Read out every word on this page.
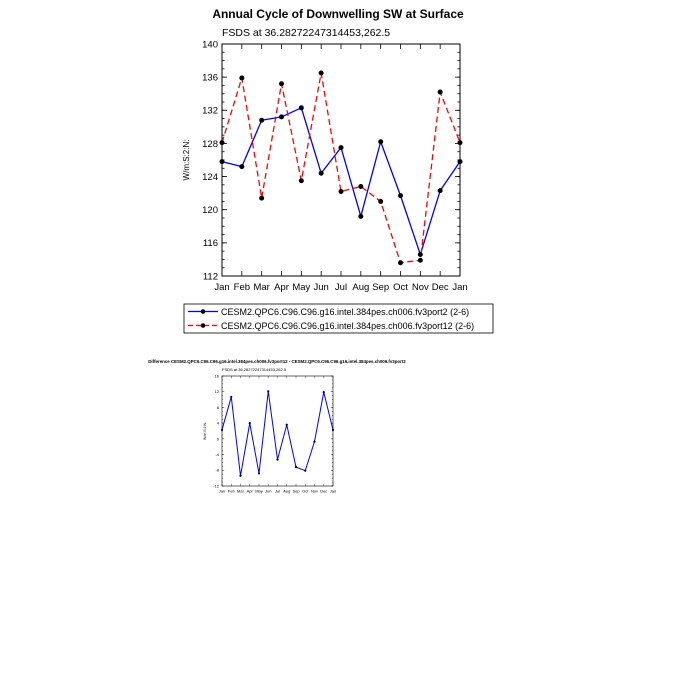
Annual Cycle of Downwelling SW at Surface
FSDS at 36.28272247314453,262.5
W/m:S:2:N:
CESM2.QPC6.C96.C96.g16.intel.384pes.ch006.fv3port2 (2-6)
CESM2.QPC6.C96.C96.g16.intel.384pes.ch006.fv3port12 (2-6)
Difference CESM2.QPC6.C96.C96.g16.intel.384pes.ch006.fv3port12 - CESM2.QPC6.C96.C96.g16.intel.384pes.ch006.fv3port2
FSDS at 36.28272247314453,262.5
W/m:S:2:N:
112
116
120
124
128
132
136
140
Jan Feb Mar Apr May Jun Jul Aug Sep Oct Nov Dec Jan
-12
-8
-4
0
4
8
12
16
Jan Feb Mar Apr May Jun Jul Aug Sep Oct Nov Dec Jan
